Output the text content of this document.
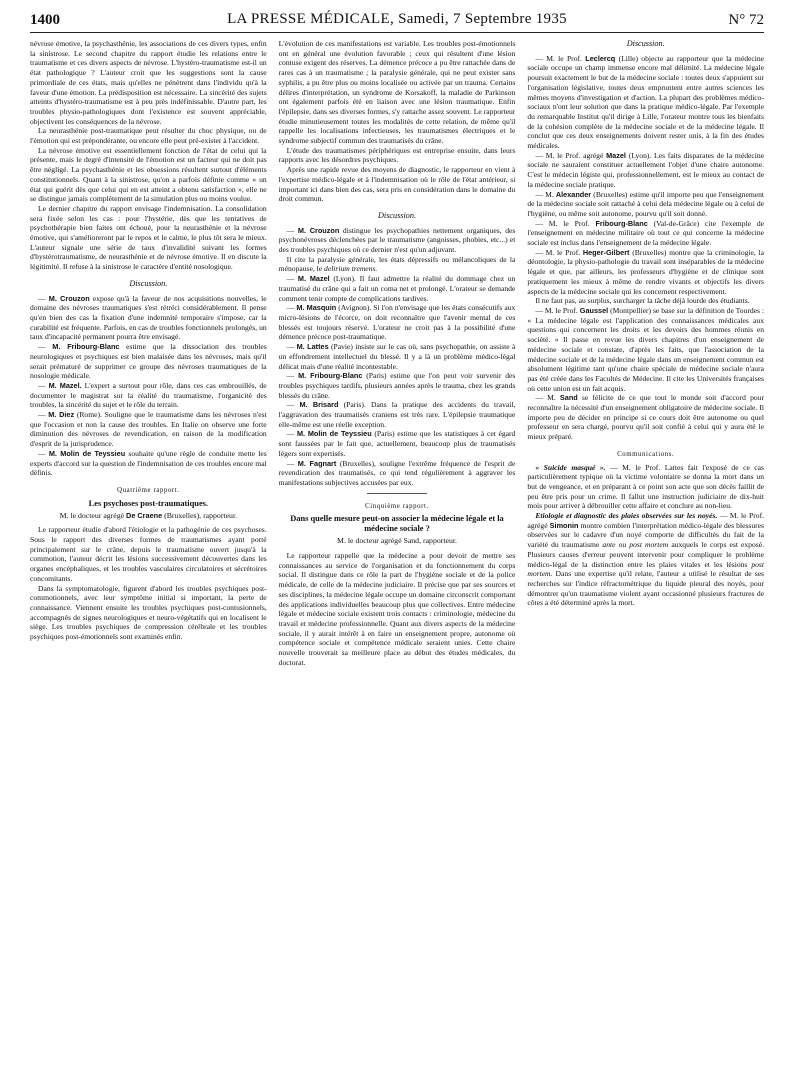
1400	LA PRESSE MÉDICALE, Samedi, 7 Septembre 1935	N° 72

névrose émotive, la psychasthénie, les associations de ces divers types, enfin la sinistrose. Le second chapitre du rapport étudie les relations entre le traumatisme et ces divers aspects de névrose. L'hystéro-traumatisme est-il un état pathologique ? L'auteur croit que les suggestions sont la cause primordiale de ces états, mais qu'elles ne pénètrent dans l'individu qu'à la faveur d'une émotion. La prédisposition est nécessaire. La sincérité des sujets atteints d'hystéro-traumatisme est à peu près indéfinissable. D'autre part, les troubles physio-pathologiques dont l'existence est souvent appréciable, objectivent les conséquences de la névrose.

La neurasthénie post-traumatique peut résulter du choc physique, ou de l'émotion qui est prépondérante, ou encore elle peut pré-exister à l'accident.

La névrose émotive est essentiellement fonction de l'état de celui qui la présente, mais le degré d'intensité de l'émotion est un facteur qui ne doit pas être négligé. La psychasthénie et les obsessions résultent surtout d'éléments constitutionnels. Quant à la sinistrose, qu'on a parfois définie comme « un état qui guérit dès que celui qui en est atteint a obtenu satisfaction », elle ne se distingue jamais complètement de la simulation plus ou moins voulue.

Le dernier chapitre du rapport envisage l'indemnisation. La consolidation sera fixée selon les cas : pour l'hystérie, dès que les tentatives de psychothérapie bien faites ont échoué, pour la neurasthénie et la névrose émotive, qui s'amélioreront par le repos et le calme, le plus tôt sera le mieux. L'auteur signale une série de taux d'invalidité suivant les formes d'hystérotraumatisme, de neurasthénie et de névrose émotive. Il en discute la légitimité. Il refuse à la sinistrose le caractère d'entité nosologique.

Discussion.

— M. Crouzon expose qu'à la faveur de nos acquisitions nouvelles, le domaine des névroses traumatiques s'est rétréci considérablement. Il pense qu'en bien des cas la fixation d'une indemnité temporaire s'impose, car la curabilité est fréquente. Parfois, en cas de troubles fonctionnels prolongés, un taux d'incapacité permanent pourra être envisagé.

— M. Fribourg-Blanc estime que la dissociation des troubles neurologiques et psychiques est bien malaisée dans les névroses, mais qu'il serait prématuré de supprimer ce groupe des névroses traumatiques de la nosologie médicale.

— M. Mazel. L'expert a surtout pour rôle, dans ces cas embrouillés, de documenter le magistrat sur la réalité du traumatisme, l'organicité des troubles, la sincérité du sujet et le rôle du terrain.

— M. Diez (Rome). Souligne que le traumatisme dans les névroses n'est que l'occasion et non la cause des troubles. En Italie on observe une forte diminution des névroses de revendication, en raison de la modification d'esprit de la jurisprudence.

— M. Molin de Teyssieu souhaite qu'une règle de conduite mette les experts d'accord sur la question de l'indemnisation de ces troubles encore mal définis.

Quatrième rapport.
Les psychoses post-traumatiques.
M. le docteur agrégé De Craene (Bruxelles), rapporteur.

Le rapporteur étudie d'abord l'étiologie et la pathogénie de ces psychoses. Sous le rapport des diverses formes de traumatismes ayant porté principalement sur le crâne, depuis le traumatisme ouvert jusqu'à la commotion, l'auteur décrit les lésions successivement découvertes dans les organes encéphaliques, et les troubles vasculaires circulatoires et sécrétoires concomitants.

Dans la symptomatologie, figurent d'abord les troubles psychiques post-commotionnels, avec leur symptôme initial si important, la perte de connaissance. Viennent ensuite les troubles psychiques post-contusionnels, accompagnés de signes neurologiques et neuro-végétatifs qui en localisent le siège. Les troubles psychiques de compression cérébrale et les troubles psychiques post-émotionnels sont examinés enfin.

L'évolution de ces manifestations est variable. Les troubles post-émotionnels ont en général une évolution favorable ; ceux qui résultent d'une lésion contuse exigent des réserves. La démence précoce a pu être rattachée dans de rares cas à un traumatisme ; la paralysie générale, qui ne peut exister sans syphilis, a pu être plus ou moins localisée ou activée par un trauma. Certains délires d'interprétation, un syndrome de Korsakoff, la maladie de Parkinson ont également parfois été en liaison avec une lésion traumatique. Enfin l'épilepsie, dans ses diverses formes, s'y rattache assez souvent. Le rapporteur étudie minutieusement toutes les modalités de cette relation, de même qu'il rappelle les localisations infectieuses, les traumatismes électriques et le syndrome subjectif commun des traumatisés du crâne.

L'étude des traumatismes périphériques est entreprise ensuite, dans leurs rapports avec les désordres psychiques.

Après une rapide revue des moyens de diagnostic, le rapporteur en vient à l'expertise médico-légale et à l'indemnisation où le rôle de l'état antérieur, si important ici dans bien des cas, sera pris en considération dans le domaine du droit commun.

Discussion.

— M. Crouzon distingue les psychopathies nettement organiques, des psychonévroses déclenchées par le traumatisme (angoisses, phobies, etc...) et des troubles psychiques où ce dernier n'est qu'un adjuvant.

Il cite la paralysie générale, les états dépressifs ou mélancoliques de la ménopause, le delirium tremens.

— M. Mazel (Lyon). Il faut admettre la réalité du dommage chez un traumatisé du crâne qui a fait un coma net et prolongé. L'orateur se demande comment tenir compte de complications tardives.

— M. Masquin (Avignon). Si l'on n'envisage que les états consécutifs aux micro-lésions de l'écorce, on doit reconnaître que l'avenir mental de ces blessés est toujours réservé. L'orateur ne croit pas à la possibilité d'une démence précoce post-traumatique.

— M. Lattes (Pavie) insiste sur le cas où, sans psychopathie, on assiste à un effondrement intellectuel du blessé. Il y a là un problème médico-légal délicat mais d'une réalité incontestable.

— M. Fribourg-Blanc (Paris) estime que l'on peut voir survenir des troubles psychiques tardifs, plusieurs années après le trauma, chez les grands blessés du crâne.

— M. Brisard (Paris). Dans la pratique des accidents du travail, l'aggravation des traumatisés craniens est très rare. L'épilepsie traumatique elle-même est une réelle exception.

— M. Molin de Teyssieu (Paris) estime que les statistiques à cet égard sont faussées par le fait que, actuellement, beaucoup plus de traumatisés légers sont expertisés.

— M. Fagnart (Bruxelles), souligne l'extrême fréquence de l'esprit de revendication des traumatisés, ce qui tend régulièrement à aggraver les manifestations subjectives accusées par eux.

Cinquième rapport.
Dans quelle mesure peut-on associer la médecine légale et la médecine sociale ?
M. le docteur agrégé Sand, rapporteur.

Le rapporteur rappelle que la médecine a pour devoir de mettre ses connaissances au service de l'organisation et du fonctionnement du corps social. Il distingue dans ce rôle la part de l'hygiène sociale et de la police médicale, de celle de la médecine judiciaire. Il précise que par ses sources et ses disciplines, la médecine légale occupe un domaine circonscrit comportant des applications individuelles beaucoup plus que collectives. Entre médecine légale et médecine sociale existent trois contacts : criminologie, médecine du travail et médecine professionnelle. Quant aux divers aspects de la médecine sociale, il y aurait intérêt à en faire un enseignement propre, autonome où compétence sociale et compétence médicale seraient unies. Cette chaire nouvelle trouverait sa meilleure place au début des études médicales, du doctorat.

Discussion.

— M. le Prof. Leclercq (Lille) objecte au rapporteur que la médecine sociale occupe un champ immense encore mal délimité. La médecine légale poursuit exactement le but de la médecine sociale : toutes deux s'appuient sur l'organisation législative, toutes deux empruntent entre autres sciences les mêmes moyens d'investigation et d'action. La plupart des problèmes médico-sociaux n'ont leur solution que dans la pratique médico-légale. Par l'exemple du remarquable Institut qu'il dirige à Lille, l'orateur montre tous les bienfaits de la cohésion complète de la médecine sociale et de la médecine légale. Il conclut que ces deux enseignements doivent rester unis, à la fin des études médicales.

— M. le Prof. agrégé Mazel (Lyon). Les faits disparates de la médecine sociale ne sauraient constituer actuellement l'objet d'une chaire autonome. C'est le médecin légiste qui, professionnellement, est le mieux au contact de la médecine sociale pratique.

— M. Alexander (Bruxelles) estime qu'il importe peu que l'enseignement de la médecine sociale soit rattaché à celui dela médecine légale ou à celui de l'hygiène, ou même soit autonome, pourvu qu'il soit donné.

— M. le Prof. Fribourg-Blanc (Val-de-Grâce) cite l'exemple de l'enseignement en médecine militaire où tout ce qui concerne la médecine sociale est inclus dans l'enseignement de la médecine légale.

— M. le Prof. Heger-Gilbert (Bruxelles) montre que la criminologie, la déontologie, la physio-pathologie du travail sont inséparables de la médecine légale et que, par ailleurs, les professeurs d'hygiène et de clinique sont pratiquement les mieux à même de rendre vivants et objectifs les divers aspects de la médecine sociale qui les concernent respectivement.

Il ne faut pas, au surplus, surcharger la tâche déjà lourde des étudiants.

— M. le Prof. Gaussel (Montpellier) se base sur la définition de Tourdes : « La médecine légale est l'application des connaissances médicales aux questions qui concernent les droits et les devoirs des hommes réunis en société. » Il passe en revue les divers chapitres d'un enseignement de médecine sociale et constate, d'après les faits, que l'association de la médecine sociale et de la médecine légale dans un enseignement commun est absolument légitime tant qu'une chaire spéciale de médecine sociale n'aura pas été créée dans les Facultés de Médecine. Il cite les Universités françaises où cette union est un fait acquis.

— M. Sand se félicite de ce que tout le monde soit d'accord pour reconnaître la nécessité d'un enseignement obligatoire de médecine sociale. Il importe peu de décider en principe si ce cours doit être autonome ou quel professeur en sera chargé, pourvu qu'il soit confié à celui qui y aura été le mieux préparé.

Communications.

« Suicide masqué ». — M. le Prof. Lattes fait l'exposé de ce cas particulièrement typique où la victime volontaire se donna la mort dans un but de vengeance, et en préparant à ce point son acte que son décès faillit de peu être pris pour un crime. Il fallut une instruction judiciaire de dix-huit mois pour arriver à débrouiller cette affaire et conclure au non-lieu.

Etiologie et diagnostic des plaies observées sur les noyés. — M. le Prof. agrégé Simonin montre combien l'interprétation médico-légale des blessures observées sur le cadavre d'un noyé comporte de difficultés du fait de la variété du traumatisme ante ou post mortem auxquels le corps est exposé. Plusieurs causes d'erreur peuvent intervenir pour compliquer le problème médico-légal de la distinction entre les plaies vitales et les lésions post mortem. Dans une expertise qu'il relate, l'auteur a utilisé le résultat de ses recherches sur l'indice réfractométrique du liquide pleural des noyés, pour démontrer qu'un traumatisme violent ayant occasionné plusieurs fractures de côtes a été déterminé après la mort.
